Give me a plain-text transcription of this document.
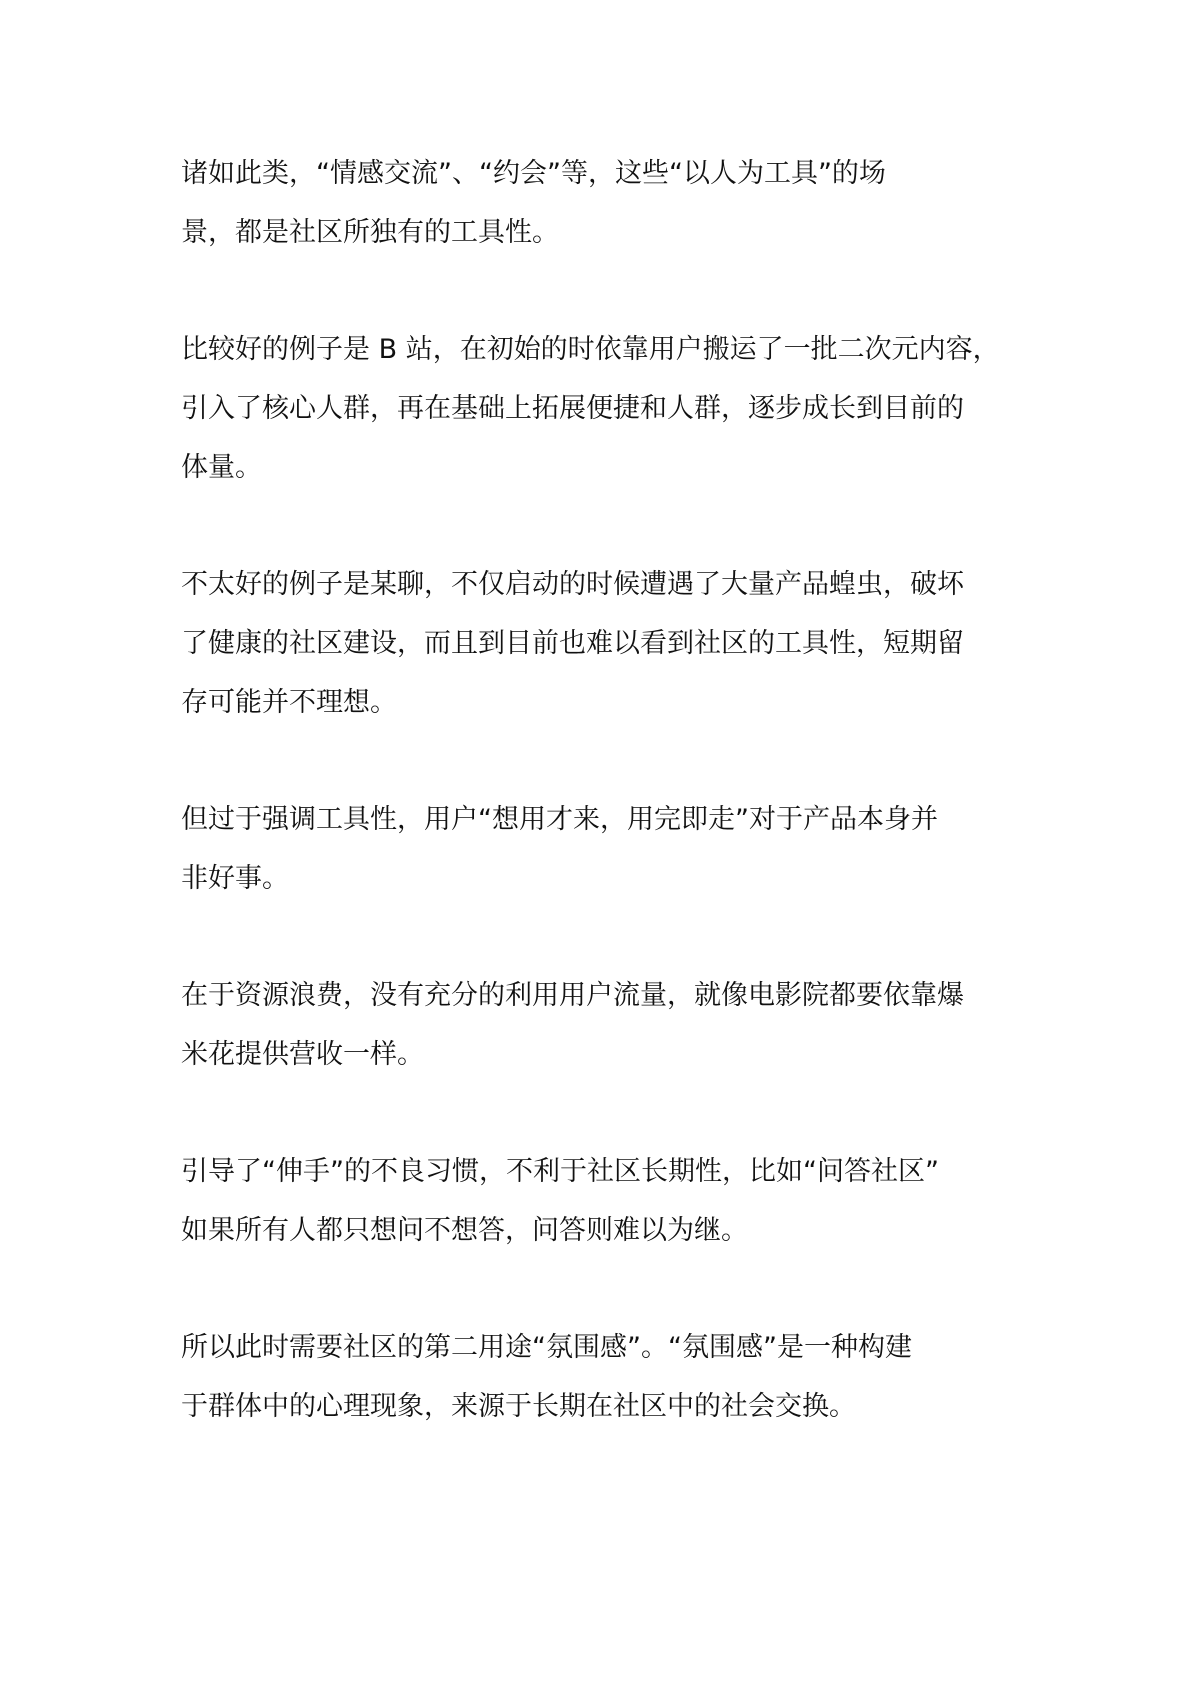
诸如此类，“情感交流”、“约会”等，这些“以人为工具”的场
景，都是社区所独有的工具性。

比较好的例子是 B 站，在初始的时依靠用户搬运了一批二次元内容，
引入了核心人群，再在基础上拓展便捷和人群，逐步成长到目前的
体量。

不太好的例子是某聊，不仅启动的时候遭遇了大量产品蝗虫，破坏
了健康的社区建设，而且到目前也难以看到社区的工具性，短期留
存可能并不理想。

但过于强调工具性，用户“想用才来，用完即走”对于产品本身并
非好事。

在于资源浪费，没有充分的利用用户流量，就像电影院都要依靠爆
米花提供营收一样。

引导了“伸手”的不良习惯，不利于社区长期性，比如“问答社区”
如果所有人都只想问不想答，问答则难以为继。

所以此时需要社区的第二用途“氛围感”。“氛围感”是一种构建
于群体中的心理现象，来源于长期在社区中的社会交换。
